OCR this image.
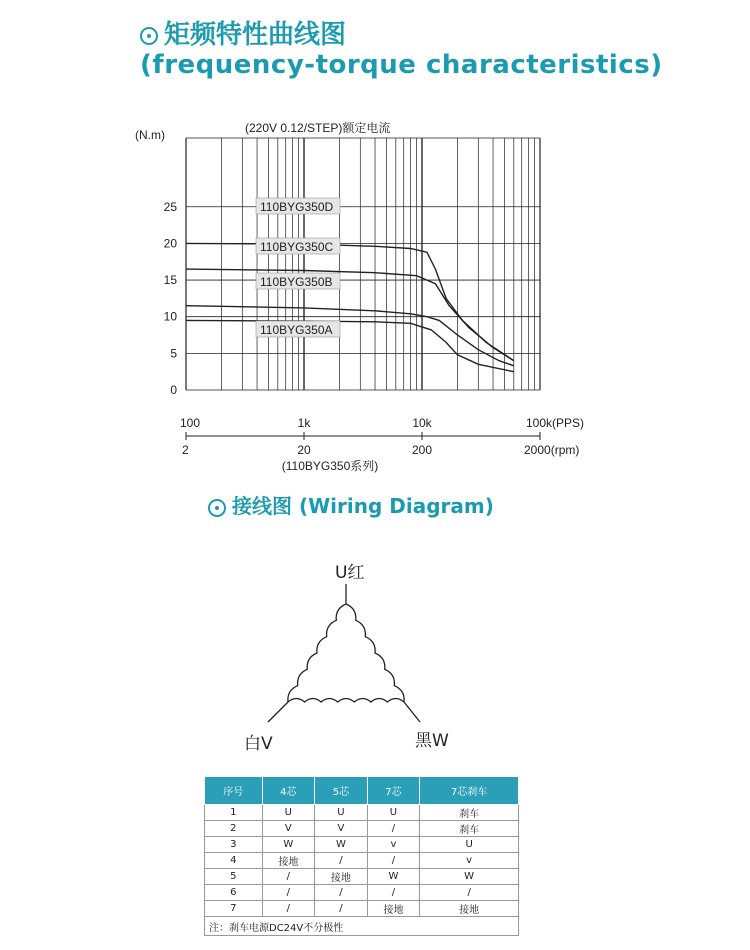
矩频特性曲线图
(frequency-torque characteristics)
25
20
15
10
5
0
(N.m)	(220V 0.12/STEP)额定电流
100	1k	10k	100k(PPS)
2	20	200	2000(rpm)
(110BYG350系列)
110BYG350D
110BYG350C
110BYG350B
110BYG350A
接线图 (Wiring Diagram)
U红
白V	黑W
序号	4芯	5芯	7芯	7芯刹车
1	U	U	U	刹车
2	V	V	/	刹车
3	W	W	v	U
4	接地	/	/	v
5	/	接地	W	W
6	/	/	/	/
7	/	/	接地	接地
注：刹车电源DC24V不分极性				
